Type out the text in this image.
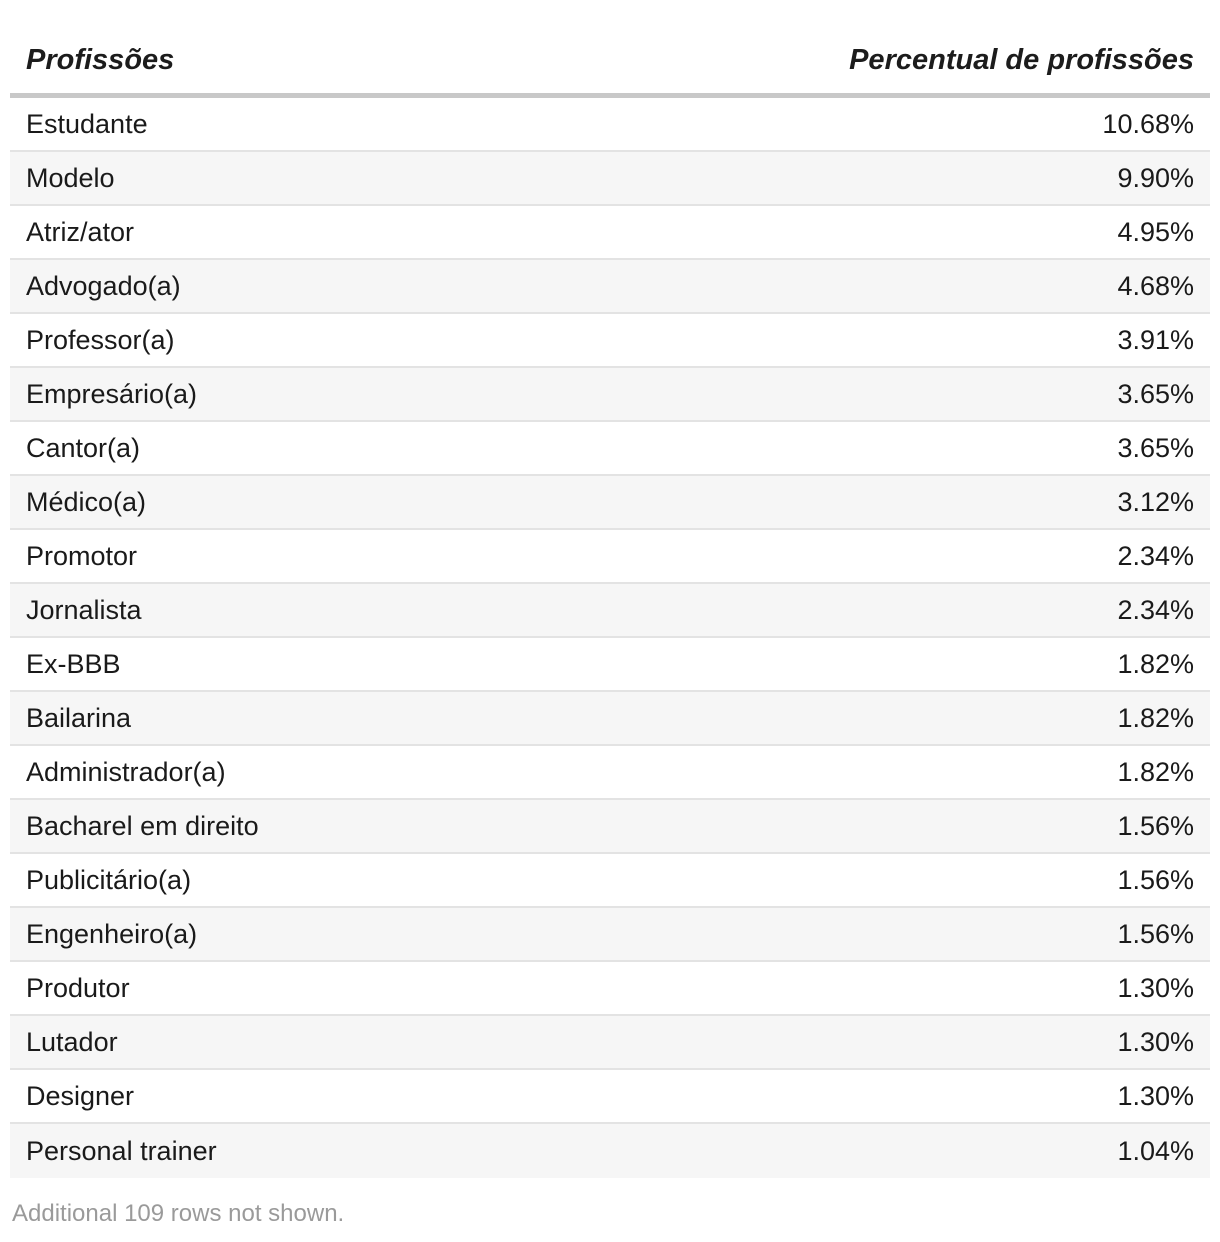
Profissões	Percentual de profissões
Estudante	10.68%
Modelo	9.90%
Atriz/ator	4.95%
Advogado(a)	4.68%
Professor(a)	3.91%
Empresário(a)	3.65%
Cantor(a)	3.65%
Médico(a)	3.12%
Promotor	2.34%
Jornalista	2.34%
Ex-BBB	1.82%
Bailarina	1.82%
Administrador(a)	1.82%
Bacharel em direito	1.56%
Publicitário(a)	1.56%
Engenheiro(a)	1.56%
Produtor	1.30%
Lutador	1.30%
Designer	1.30%
Personal trainer	1.04%
Additional 109 rows not shown.
